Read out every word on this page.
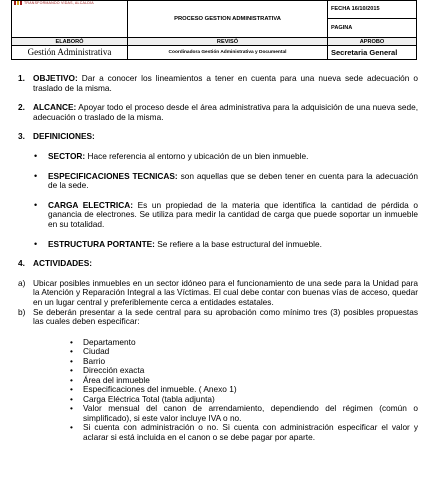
TRANSFORMANDO VIDAS, ALCALDÍA	PROCESO GESTION ADMINISTRATIVA	FECHA 16/10/2015
		PAGINA
ELABORÓ	REVISÓ	APROBO
Gestión Administrativa	Coordinadora Gestión Administrativa y Documental	Secretaria General
1. OBJETIVO: Dar a conocer los lineamientos a tener en cuenta para una nueva sede adecuación o traslado de la misma.
2. ALCANCE: Apoyar todo el proceso desde el área administrativa para la adquisición de una nueva sede, adecuación o traslado de la misma.
3. DEFINICIONES:
•	SECTOR: Hace referencia al entorno y ubicación de un bien inmueble.
•	ESPECIFICACIONES TECNICAS: son aquellas que se deben tener en cuenta para la adecuación de la sede.
•	CARGA ELECTRICA: Es un propiedad de la materia que identifica la cantidad de pérdida o ganancia de electrones. Se utiliza para medir la cantidad de carga que puede soportar un inmueble en su totalidad.
•	ESTRUCTURA PORTANTE: Se refiere a la base estructural del inmueble.
4. ACTIVIDADES:
a) Ubicar posibles inmuebles en un sector idóneo para el funcionamiento de una sede para la Unidad para la Atención y Reparación Integral a las Víctimas. El cual debe contar con buenas vías de acceso, quedar en un lugar central y preferiblemente cerca a entidades estatales.
b) Se deberán presentar a la sede central para su aprobación como mínimo tres (3) posibles propuestas las cuales deben especificar:
•	Departamento
•	Ciudad
•	Barrio
•	Dirección exacta
•	Área del inmueble
•	Especificaciones del inmueble. ( Anexo 1)
•	Carga Eléctrica Total (tabla adjunta)
•	Valor mensual del canon de arrendamiento, dependiendo del régimen (común o simplificado), si este valor incluye IVA o no.
•	Si cuenta con administración o no. Si cuenta con administración especificar el valor y aclarar si está incluida en el canon o se debe pagar por aparte.
